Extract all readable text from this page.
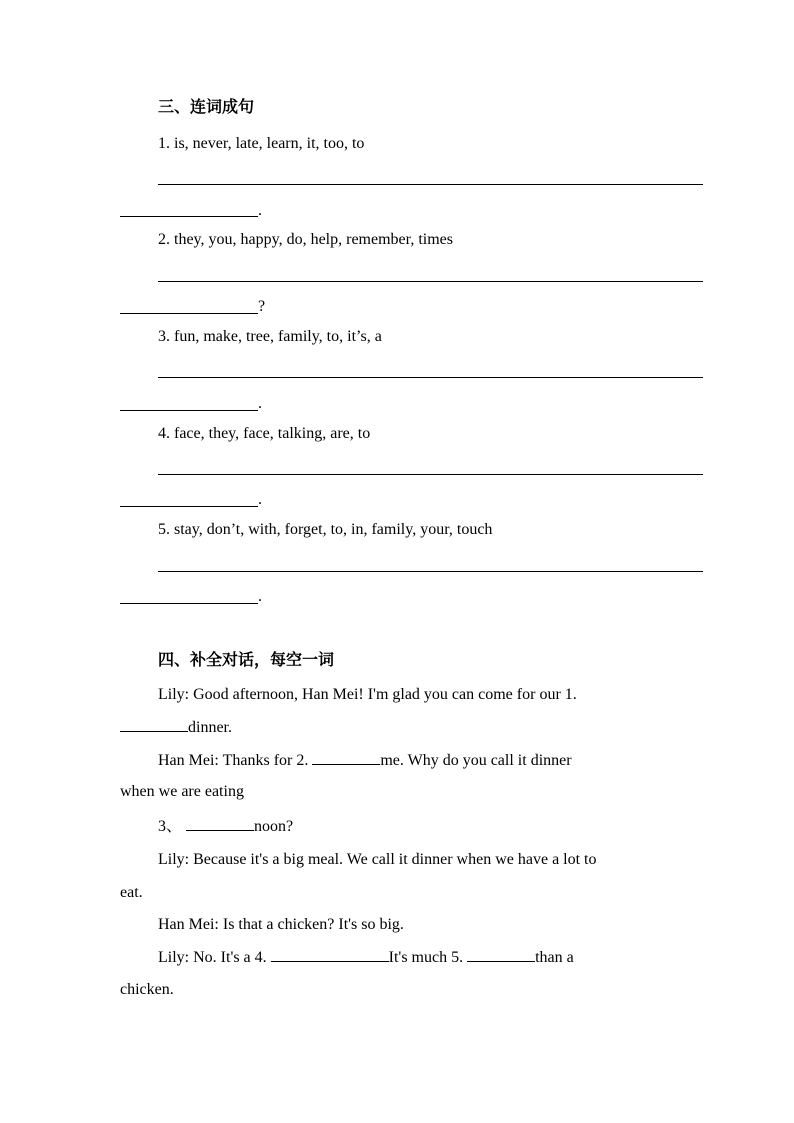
三、连词成句
1. is, never, late, learn, it, too, to
.
2. they, you, happy, do, help, remember, times
?
3. fun, make, tree, family, to, it’s, a
.
4. face, they, face, talking, are, to
.
5. stay, don’t, with, forget, to, in, family, your, touch
.
四、补全对话，每空一词
Lily: Good afternoon, Han Mei! I'm glad you can come for our 1.
dinner.
Han Mei: Thanks for 2.	me. Why do you call it dinner
when we are eating
3、	noon?
Lily: Because it's a big meal. We call it dinner when we have a lot to
eat.
Han Mei: Is that a chicken? It's so big.
Lily: No. It's a 4.	It's much 5.	than a
chicken.
